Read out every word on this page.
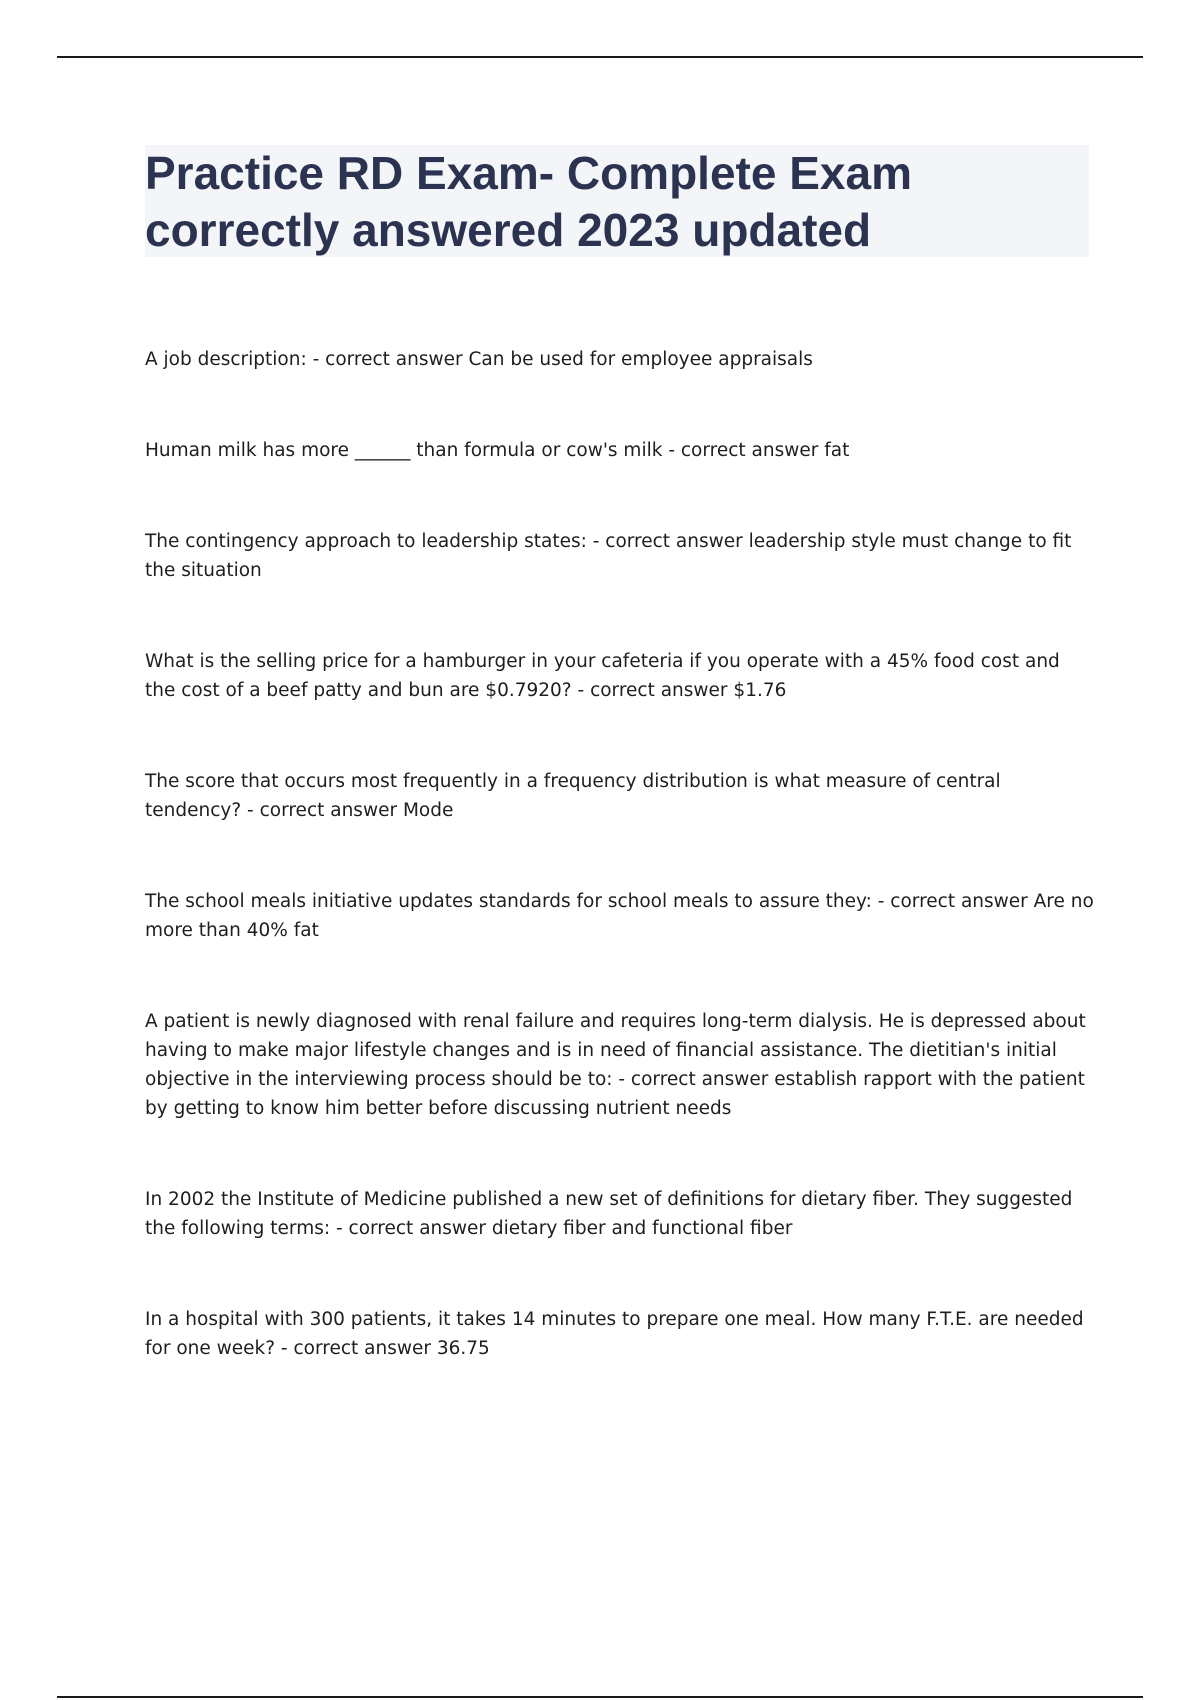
Practice RD Exam- Complete Exam correctly answered 2023 updated

A job description: - correct answer Can be used for employee appraisals

Human milk has more ______ than formula or cow's milk - correct answer fat

The contingency approach to leadership states: - correct answer leadership style must change to fit the situation

What is the selling price for a hamburger in your cafeteria if you operate with a 45% food cost and the cost of a beef patty and bun are $0.7920? - correct answer $1.76

The score that occurs most frequently in a frequency distribution is what measure of central tendency? - correct answer Mode

The school meals initiative updates standards for school meals to assure they: - correct answer Are no more than 40% fat

A patient is newly diagnosed with renal failure and requires long-term dialysis. He is depressed about having to make major lifestyle changes and is in need of financial assistance. The dietitian's initial objective in the interviewing process should be to: - correct answer establish rapport with the patient by getting to know him better before discussing nutrient needs

In 2002 the Institute of Medicine published a new set of definitions for dietary fiber. They suggested the following terms: - correct answer dietary fiber and functional fiber

In a hospital with 300 patients, it takes 14 minutes to prepare one meal. How many F.T.E. are needed for one week? - correct answer 36.75
